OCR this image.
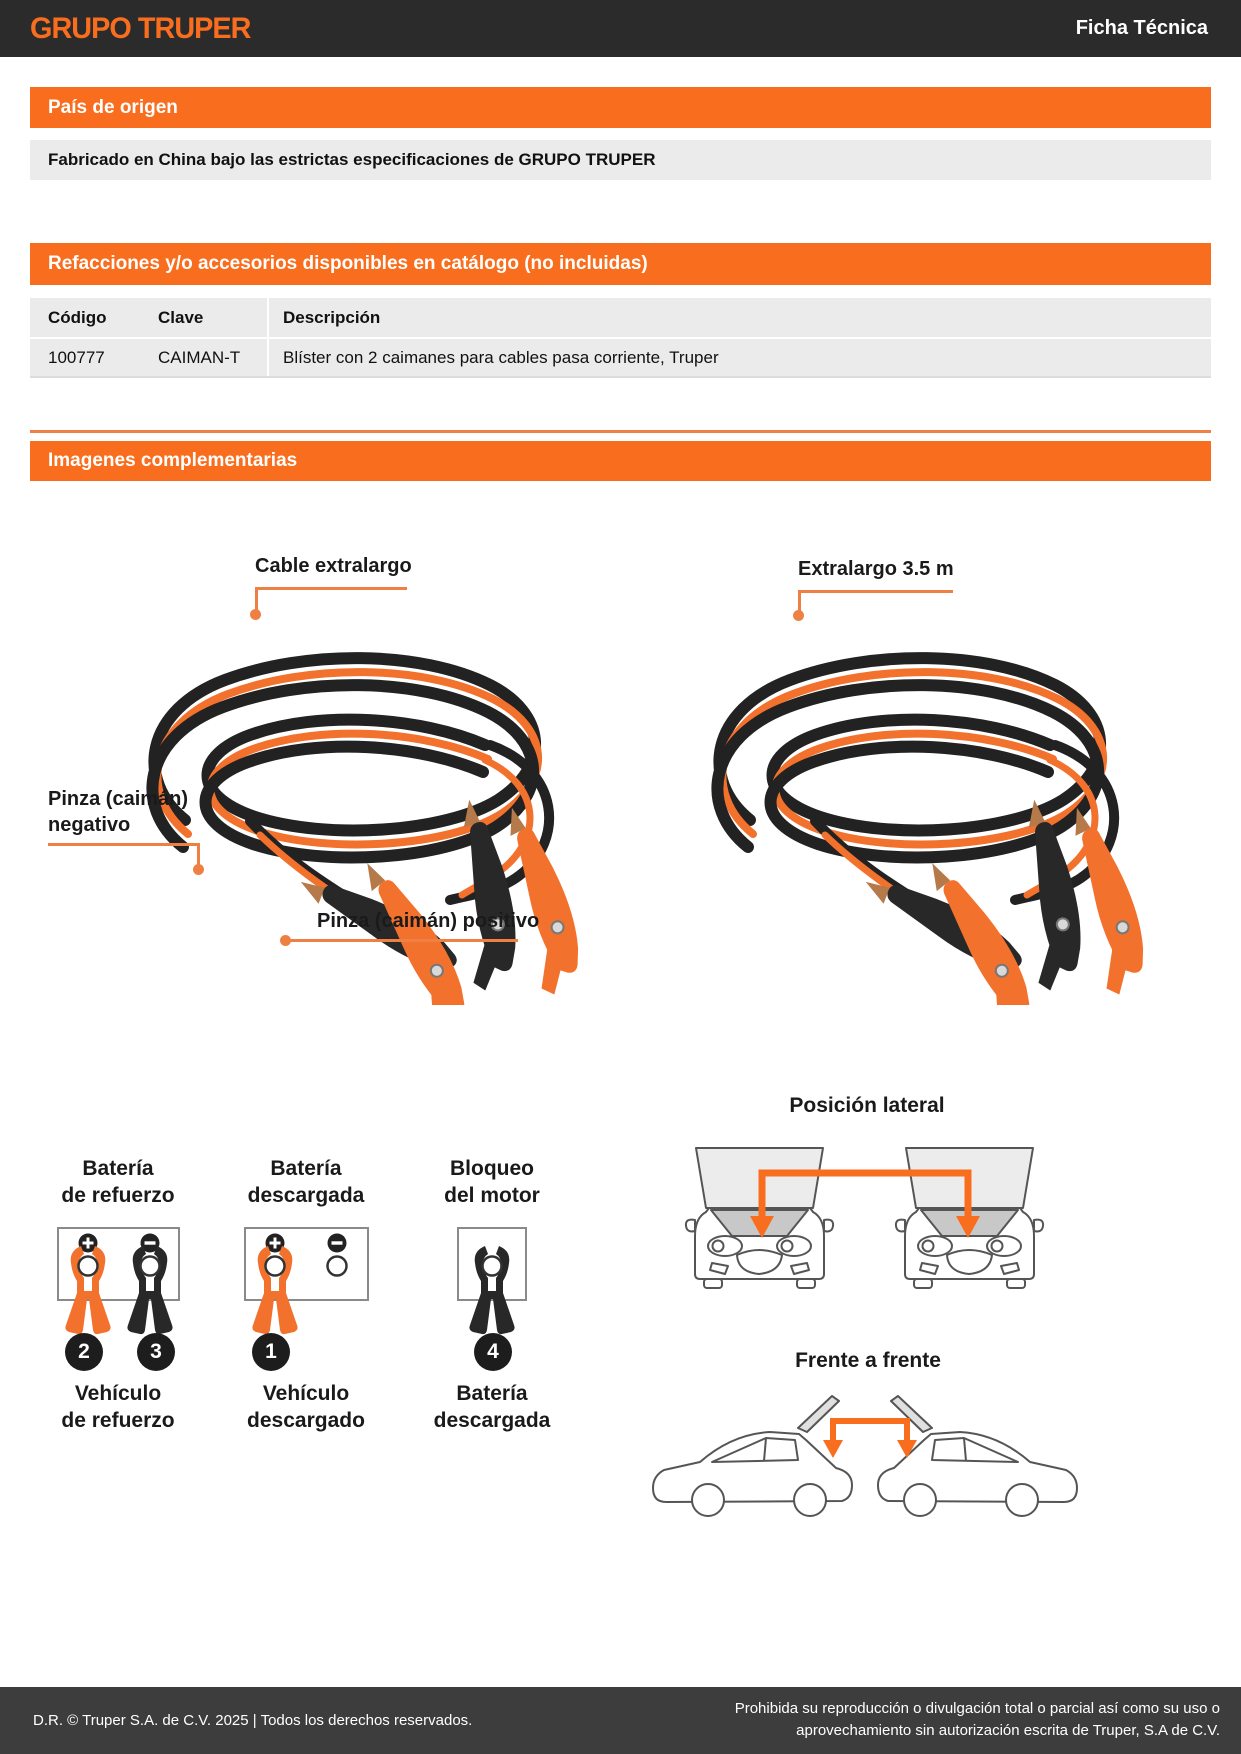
GRUPO TRUPER	Ficha Técnica
País de origen
Fabricado en China bajo las estrictas especificaciones de GRUPO TRUPER
Refacciones y/o accesorios disponibles en catálogo (no incluidas)
Código	Clave	Descripción
100777	CAIMAN-T	Blíster con 2 caimanes para cables pasa corriente, Truper
Imagenes complementarias
Cable extralargo	Extralargo 3.5 m
Pinza (caimán)
negativo
Pinza (caimán) positivo
Batería
de refuerzo
Batería
descargada
Bloqueo
del motor
2	3	1	4
Vehículo
de refuerzo
Vehículo
descargado
Batería
descargada
Posición lateral
Frente a frente
D.R. © Truper S.A. de C.V. 2025 | Todos los derechos reservados.
Prohibida su reproducción o divulgación total o parcial así como su uso o
aprovechamiento sin autorización escrita de Truper, S.A de C.V.
